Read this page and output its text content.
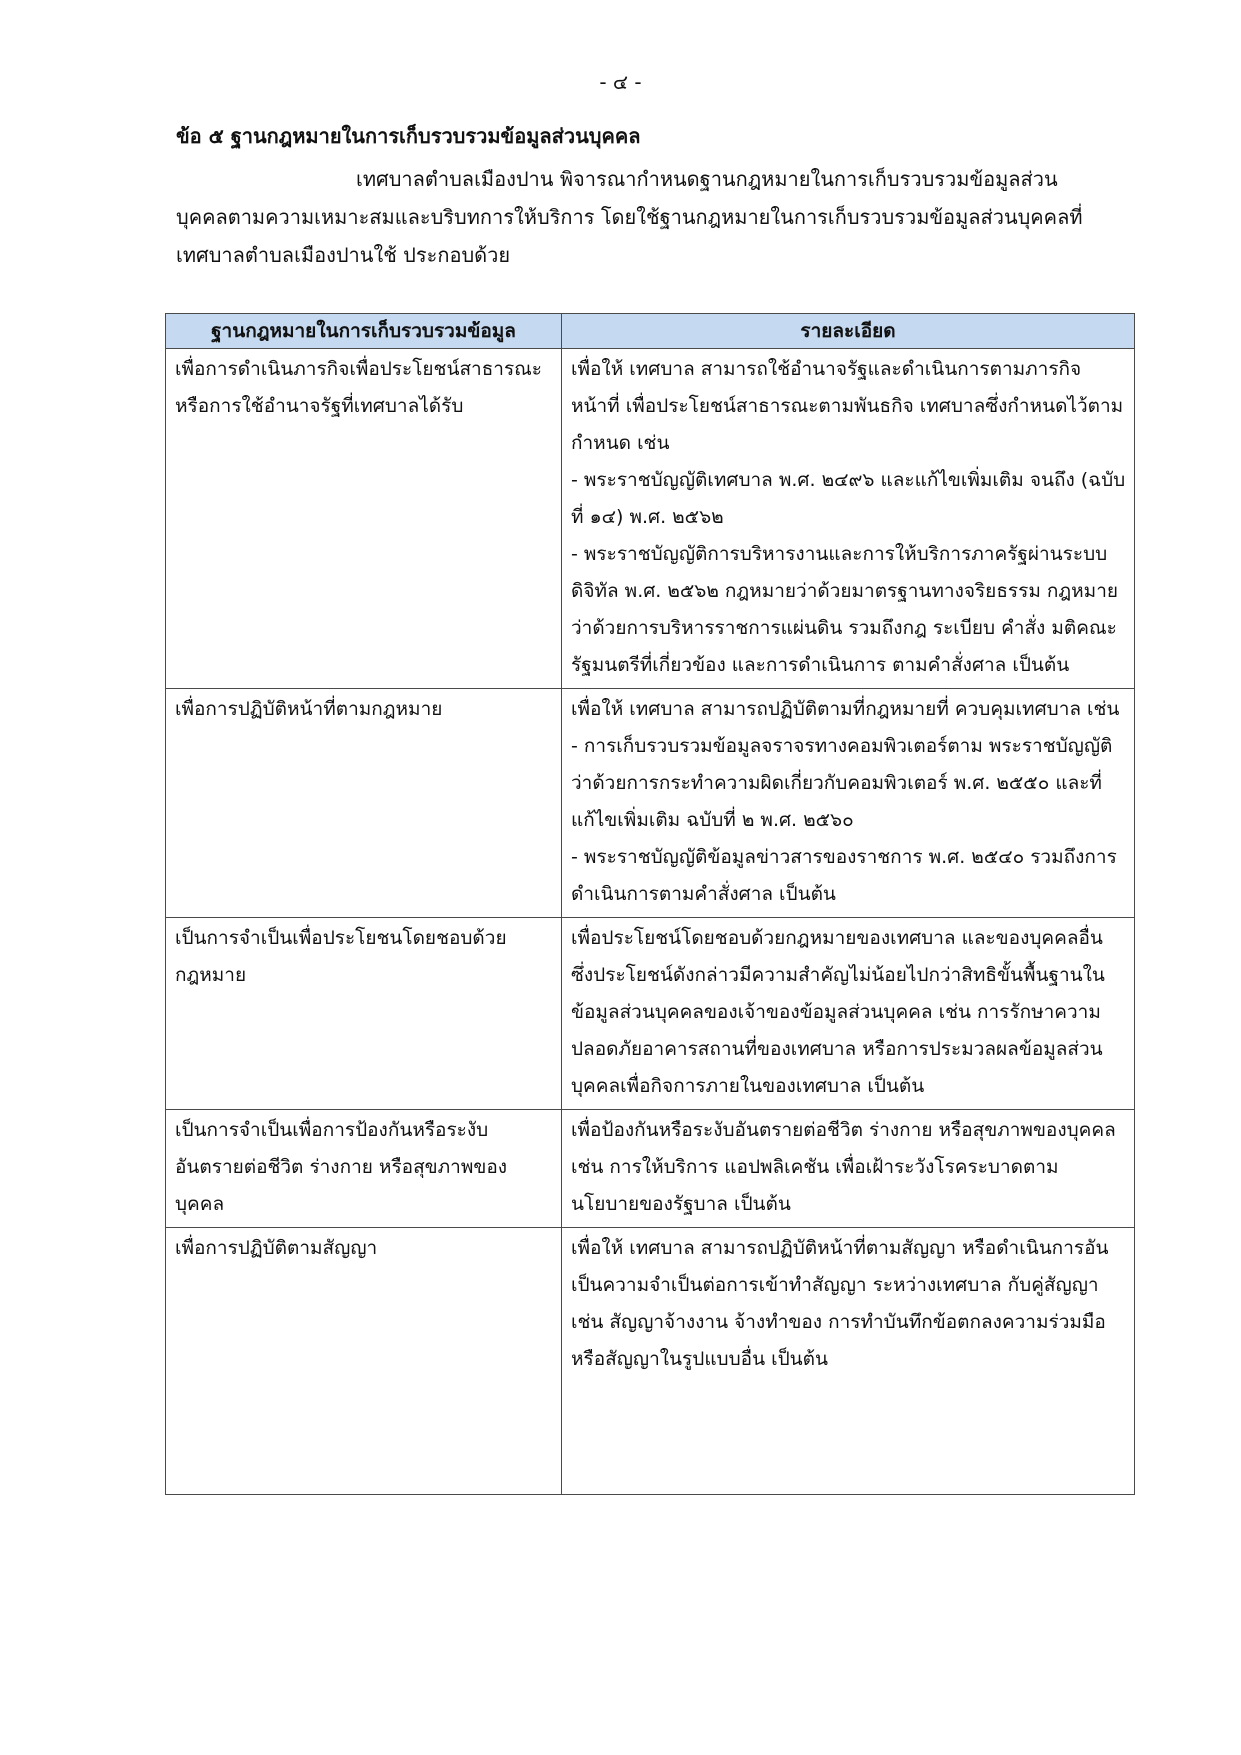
- ๔ -
ข้อ ๕ ฐานกฎหมายในการเก็บรวบรวมข้อมูลส่วนบุคคล
เทศบาลตำบลเมืองปาน พิจารณากำหนดฐานกฎหมายในการเก็บรวบรวมข้อมูลส่วน
บุคคลตามความเหมาะสมและบริบทการให้บริการ โดยใช้ฐานกฎหมายในการเก็บรวบรวมข้อมูลส่วนบุคคลที่
เทศบาลตำบลเมืองปานใช้ ประกอบด้วย
ฐานกฎหมายในการเก็บรวบรวมข้อมูล	รายละเอียด
เพื่อการดำเนินภารกิจเพื่อประโยชน์สาธารณะหรือการใช้อำนาจรัฐที่เทศบาลได้รับ	เพื่อให้ เทศบาล สามารถใช้อำนาจรัฐและดำเนินการตามภารกิจหน้าที่ เพื่อประโยชน์สาธารณะตามพันธกิจ เทศบาลซึ่งกำหนดไว้ตามกำหนด เช่น
- พระราชบัญญัติเทศบาล พ.ศ. ๒๔๙๖ และแก้ไขเพิ่มเติม จนถึง (ฉบับที่ ๑๔) พ.ศ. ๒๕๖๒
- พระราชบัญญัติการบริหารงานและการให้บริการภาครัฐผ่านระบบดิจิทัล พ.ศ. ๒๕๖๒ กฎหมายว่าด้วยมาตรฐานทางจริยธรรม กฎหมายว่าด้วยการบริหารราชการแผ่นดิน รวมถึงกฎ ระเบียบ คำสั่ง มติคณะรัฐมนตรีที่เกี่ยวข้อง และการดำเนินการ ตามคำสั่งศาล เป็นต้น

เพื่อการปฏิบัติหน้าที่ตามกฎหมาย	เพื่อให้ เทศบาล สามารถปฏิบัติตามที่กฎหมายที่ ควบคุมเทศบาล เช่น
- การเก็บรวบรวมข้อมูลจราจรทางคอมพิวเตอร์ตาม พระราชบัญญัติว่าด้วยการกระทำความผิดเกี่ยวกับคอมพิวเตอร์ พ.ศ. ๒๕๕๐ และที่แก้ไขเพิ่มเติม ฉบับที่ ๒ พ.ศ. ๒๕๖๐
- พระราชบัญญัติข้อมูลข่าวสารของราชการ พ.ศ. ๒๕๔๐ รวมถึงการดำเนินการตามคำสั่งศาล เป็นต้น

เป็นการจำเป็นเพื่อประโยชนโดยชอบด้วยกฎหมาย	เพื่อประโยชน์โดยชอบด้วยกฎหมายของเทศบาล และของบุคคลอื่น ซึ่งประโยชน์ดังกล่าวมีความสำคัญไม่น้อยไปกว่าสิทธิขั้นพื้นฐานในข้อมูลส่วนบุคคลของเจ้าของข้อมูลส่วนบุคคล เช่น การรักษาความปลอดภัยอาคารสถานที่ของเทศบาล หรือการประมวลผลข้อมูลส่วนบุคคลเพื่อกิจการภายในของเทศบาล เป็นต้น

เป็นการจำเป็นเพื่อการป้องกันหรือระงับอันตรายต่อชีวิต ร่างกาย หรือสุขภาพของบุคคล	เพื่อป้องกันหรือระงับอันตรายต่อชีวิต ร่างกาย หรือสุขภาพของบุคคล เช่น การให้บริการ แอปพลิเคชัน เพื่อเฝ้าระวังโรคระบาดตามนโยบายของรัฐบาล เป็นต้น

เพื่อการปฏิบัติตามสัญญา	เพื่อให้ เทศบาล สามารถปฏิบัติหน้าที่ตามสัญญา หรือดำเนินการอันเป็นความจำเป็นต่อการเข้าทำสัญญา ระหว่างเทศบาล กับคู่สัญญา เช่น สัญญาจ้างงาน จ้างทำของ การทำบันทึกข้อตกลงความร่วมมือหรือสัญญาในรูปแบบอื่น เป็นต้น
